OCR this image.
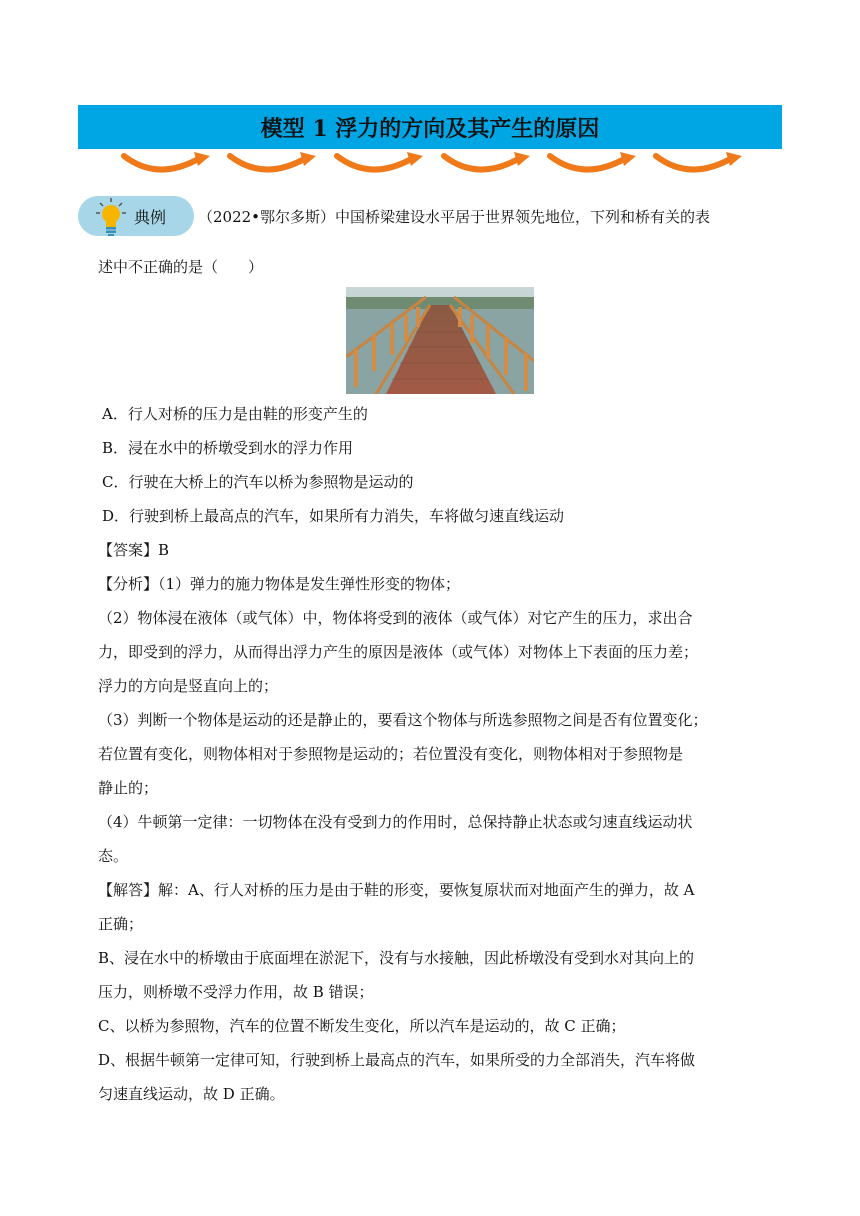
模型 1 浮力的方向及其产生的原因
典例 （2022•鄂尔多斯）中国桥梁建设水平居于世界领先地位，下列和桥有关的表
述中不正确的是（　　）
A．行人对桥的压力是由鞋的形变产生的
B．浸在水中的桥墩受到水的浮力作用
C．行驶在大桥上的汽车以桥为参照物是运动的
D．行驶到桥上最高点的汽车，如果所有力消失，车将做匀速直线运动
【答案】B
【分析】（1）弹力的施力物体是发生弹性形变的物体；
（2）物体浸在液体（或气体）中，物体将受到的液体（或气体）对它产生的压力，求出合
力，即受到的浮力，从而得出浮力产生的原因是液体（或气体）对物体上下表面的压力差；
浮力的方向是竖直向上的；
（3）判断一个物体是运动的还是静止的，要看这个物体与所选参照物之间是否有位置变化；
若位置有变化，则物体相对于参照物是运动的；若位置没有变化，则物体相对于参照物是
静止的；
（4）牛顿第一定律：一切物体在没有受到力的作用时，总保持静止状态或匀速直线运动状
态。
【解答】解：A、行人对桥的压力是由于鞋的形变，要恢复原状而对地面产生的弹力，故 A
正确；
B、浸在水中的桥墩由于底面埋在淤泥下，没有与水接触，因此桥墩没有受到水对其向上的
压力，则桥墩不受浮力作用，故 B 错误；
C、以桥为参照物，汽车的位置不断发生变化，所以汽车是运动的，故 C 正确；
D、根据牛顿第一定律可知，行驶到桥上最高点的汽车，如果所受的力全部消失，汽车将做
匀速直线运动，故 D 正确。
